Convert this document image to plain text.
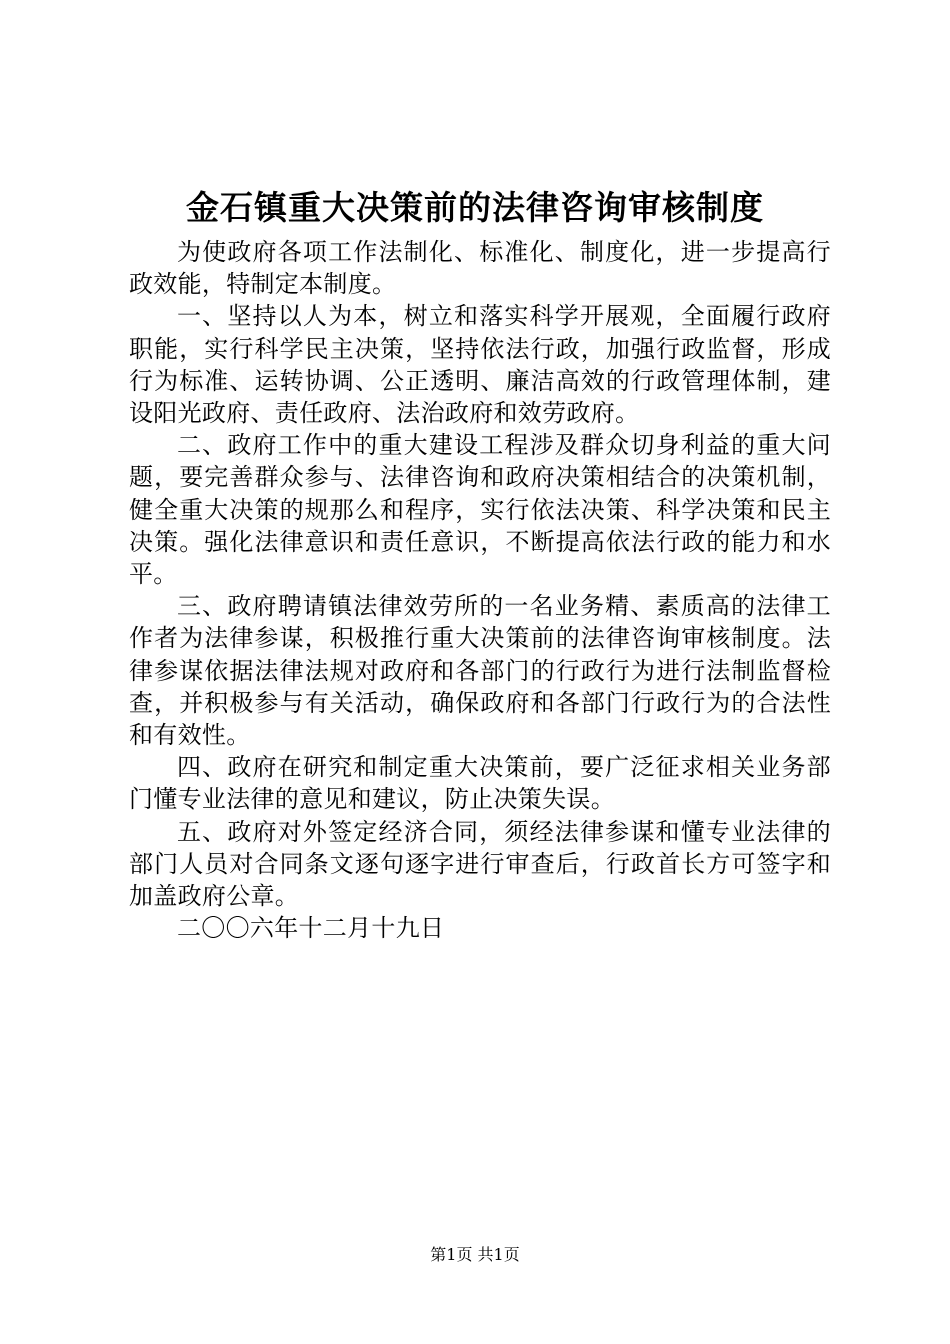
金石镇重大决策前的法律咨询审核制度

为使政府各项工作法制化、标准化、制度化，进一步提高行政效能，特制定本制度。

一、坚持以人为本，树立和落实科学开展观，全面履行政府职能，实行科学民主决策，坚持依法行政，加强行政监督，形成行为标准、运转协调、公正透明、廉洁高效的行政管理体制，建设阳光政府、责任政府、法治政府和效劳政府。

二、政府工作中的重大建设工程涉及群众切身利益的重大问题，要完善群众参与、法律咨询和政府决策相结合的决策机制，健全重大决策的规那么和程序，实行依法决策、科学决策和民主决策。强化法律意识和责任意识，不断提高依法行政的能力和水平。

三、政府聘请镇法律效劳所的一名业务精、素质高的法律工作者为法律参谋，积极推行重大决策前的法律咨询审核制度。法律参谋依据法律法规对政府和各部门的行政行为进行法制监督检查，并积极参与有关活动，确保政府和各部门行政行为的合法性和有效性。

四、政府在研究和制定重大决策前，要广泛征求相关业务部门懂专业法律的意见和建议，防止决策失误。

五、政府对外签定经济合同，须经法律参谋和懂专业法律的部门人员对合同条文逐句逐字进行审查后，行政首长方可签字和加盖政府公章。

二〇〇六年十二月十九日

第1页 共1页
